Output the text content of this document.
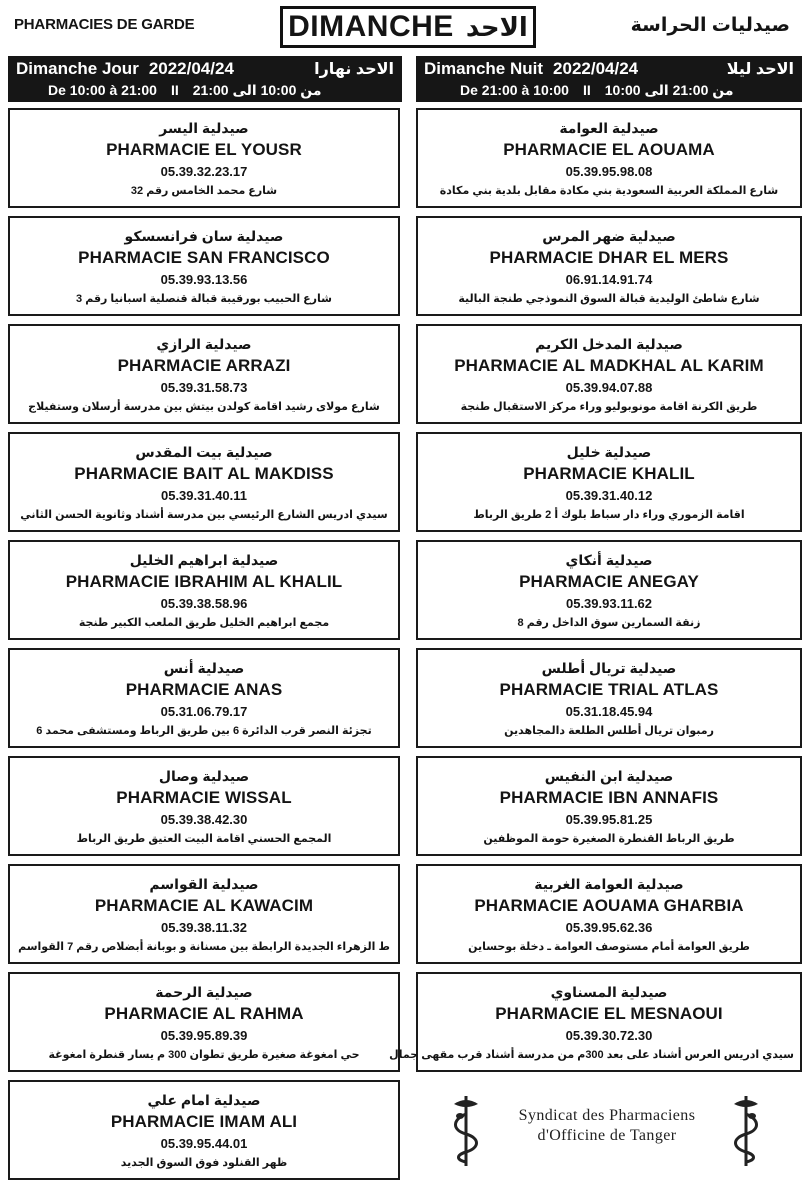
PHARMACIES DE GARDE	DIMANCHE الاحد	صيدليات الحراسة
Dimanche Jour 2022/04/24	الاحد نهارا
De 10:00 à 21:00 II من 10:00 الى 21:00
Dimanche Nuit 2022/04/24	الاحد ليلا
De 21:00 à 10:00 II من 21:00 الى 10:00
صيدلية اليسر
PHARMACIE EL YOUSR
05.39.32.23.17
شارع محمد الخامس رقم 32
صيدلية سان فرانسسكو
PHARMACIE SAN FRANCISCO
05.39.93.13.56
شارع الحبيب بورقيبة قبالة قنصلية اسبانيا رقم 3
صيدلية الرازي
PHARMACIE ARRAZI
05.39.31.58.73
شارع مولاى رشيد اقامة كولدن بيتش بين مدرسة أرسلان وستفيلاج
صيدلية بيت المقدس
PHARMACIE BAIT AL MAKDISS
05.39.31.40.11
سيدي ادريس الشارع الرئيسي بين مدرسة أشناد وثانوية الحسن الثاني
صيدلية ابراهيم الخليل
PHARMACIE IBRAHIM AL KHALIL
05.39.38.58.96
مجمع ابراهيم الخليل طريق الملعب الكبير طنجة
صيدلية أنس
PHARMACIE ANAS
05.31.06.79.17
تجزئة النصر قرب الدائرة 6 بين طريق الرباط ومستشفى محمد 6
صيدلية وصال
PHARMACIE WISSAL
05.39.38.42.30
المجمع الحسني اقامة البيت العتيق طريق الرباط
صيدلية القواسم
PHARMACIE AL KAWACIM
05.39.38.11.32
ط الزهراء الجديدة الرابطة بين مسنانة و بوبانة أبضلاص رقم 7 القواسم
صيدلية الرحمة
PHARMACIE AL RAHMA
05.39.95.89.39
حي امغوغة صغيرة طريق تطوان 300 م يسار قنطرة امغوغة
صيدلية امام علي
PHARMACIE IMAM ALI
05.39.95.44.01
ظهر القنلود فوق السوق الجديد
صيدلية العوامة
PHARMACIE EL AOUAMA
05.39.95.98.08
شارع المملكة العربية السعودية بني مكادة مقابل بلدية بني مكادة
صيدلية ضهر المرس
PHARMACIE DHAR EL MERS
06.91.14.91.74
شارع شاطئ الوليدية قبالة السوق النموذجي طنجة البالية
صيدلية المدخل الكريم
PHARMACIE AL MADKHAL AL KARIM
05.39.94.07.88
طريق الكرنة اقامة مونوبوليو وراء مركز الاستقبال طنجة
صيدلية خليل
PHARMACIE KHALIL
05.39.31.40.12
اقامة الزموري وراء دار سباط بلوك أ 2 طريق الرباط
صيدلية أنكاي
PHARMACIE ANEGAY
05.39.93.11.62
زنقة السمارين سوق الداخل رقم 8
صيدلية تريال أطلس
PHARMACIE TRIAL ATLAS
05.31.18.45.94
رمبوان تريال أطلس الطلعة دالمجاهدين
صيدلية ابن النفيس
PHARMACIE IBN ANNAFIS
05.39.95.81.25
طريق الرباط القنطرة الصغيرة حومة الموظفين
صيدلية العوامة الغربية
PHARMACIE AOUAMA GHARBIA
05.39.95.62.36
طريق العوامة أمام مستوصف العوامة ـ دخلة بوحساين
صيدلية المسناوي
PHARMACIE EL MESNAOUI
05.39.30.72.30
سيدي ادريس العرس أشناد على بعد 300م من مدرسة أشناد قرب مقهى جمال
Syndicat des Pharmaciens
d'Officine de Tanger
